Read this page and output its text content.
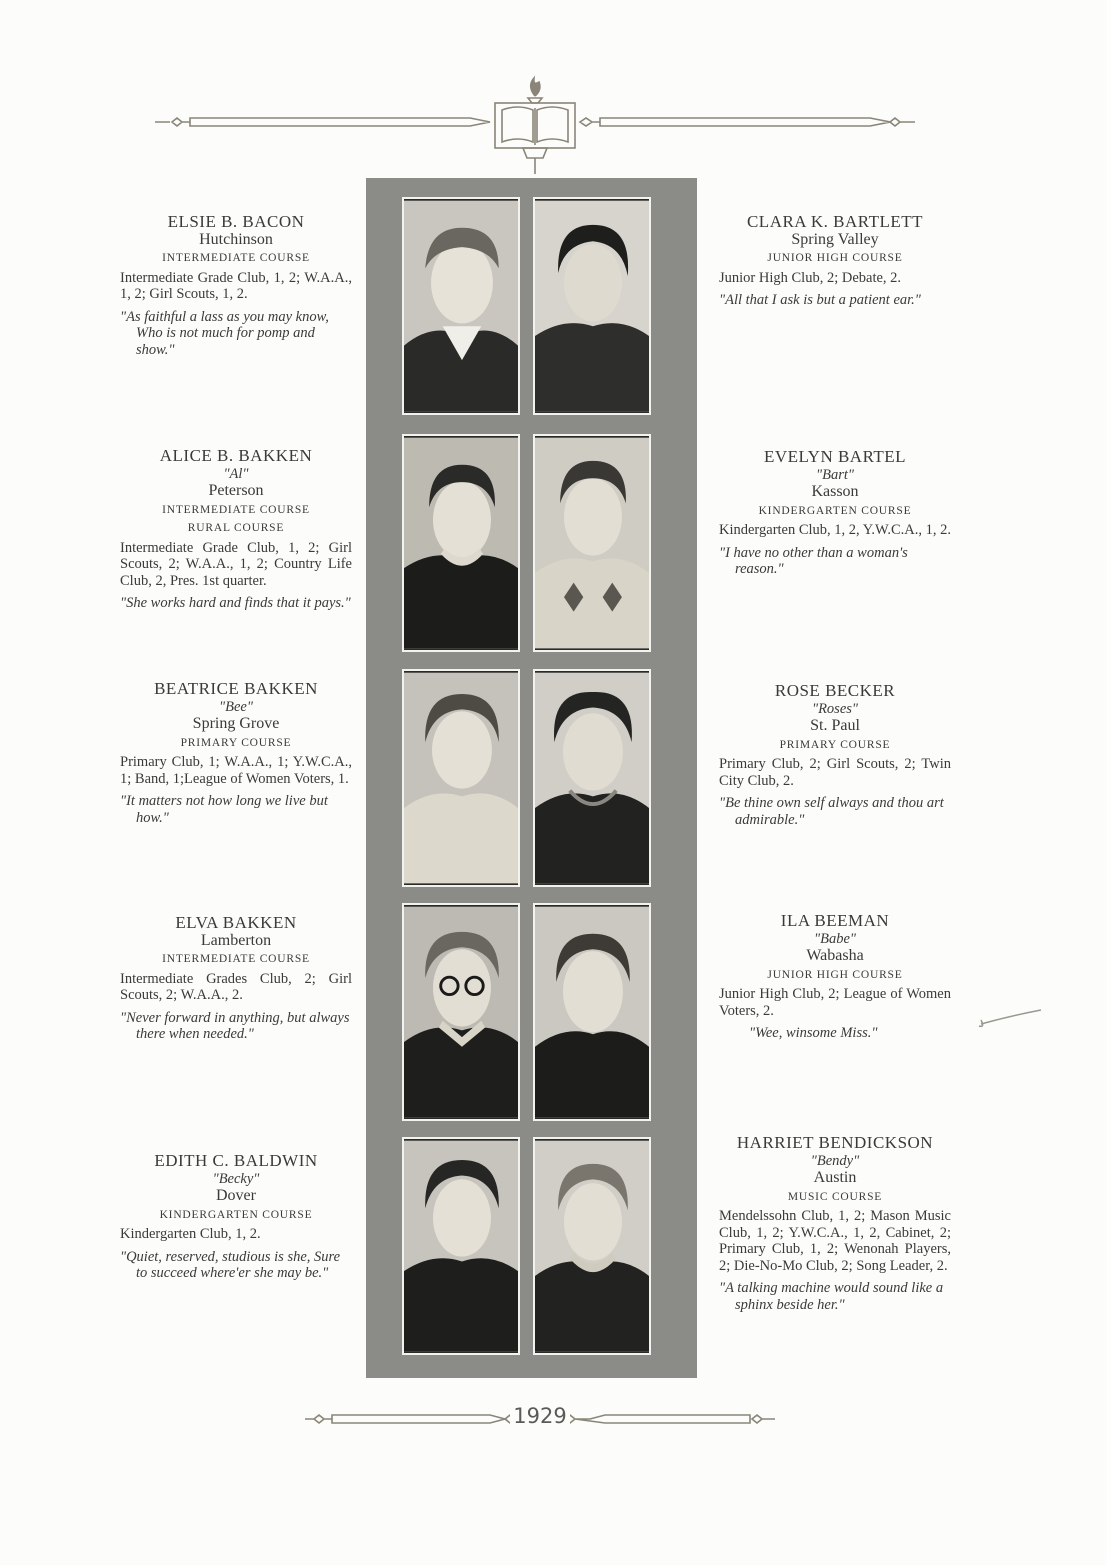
ELSIE B. BACON
Hutchinson
INTERMEDIATE COURSE
Intermediate Grade Club, 1, 2; W.A.A., 1, 2; Girl Scouts, 1, 2.
"As faithful a lass as you may know, Who is not much for pomp and show."
ALICE B. BAKKEN
"Al"
Peterson
INTERMEDIATE COURSE
RURAL COURSE
Intermediate Grade Club, 1, 2; Girl Scouts, 2; W.A.A., 1, 2; Country Life Club, 2, Pres. 1st quarter.
"She works hard and finds that it pays."
BEATRICE BAKKEN
"Bee"
Spring Grove
PRIMARY COURSE
Primary Club, 1; W.A.A., 1; Y.W.C.A., 1; Band, 1;League of Women Voters, 1.
"It matters not how long we live but how."
ELVA BAKKEN
Lamberton
INTERMEDIATE COURSE
Intermediate Grades Club, 2; Girl Scouts, 2; W.A.A., 2.
"Never forward in anything, but always there when needed."
EDITH C. BALDWIN
"Becky"
Dover
KINDERGARTEN COURSE
Kindergarten Club, 1, 2.
"Quiet, reserved, studious is she, Sure to succeed where'er she may be."
CLARA K. BARTLETT
Spring Valley
JUNIOR HIGH COURSE
Junior High Club, 2; Debate, 2.
"All that I ask is but a patient ear."
EVELYN BARTEL
"Bart"
Kasson
KINDERGARTEN COURSE
Kindergarten Club, 1, 2, Y.W.C.A., 1, 2.
"I have no other than a woman's reason."
ROSE BECKER
"Roses"
St. Paul
PRIMARY COURSE
Primary Club, 2; Girl Scouts, 2; Twin City Club, 2.
"Be thine own self always and thou art admirable."
ILA BEEMAN
"Babe"
Wabasha
JUNIOR HIGH COURSE
Junior High Club, 2; League of Women Voters, 2.
"Wee, winsome Miss."
HARRIET BENDICKSON
"Bendy"
Austin
MUSIC COURSE
Mendelssohn Club, 1, 2; Mason Music Club, 1, 2; Y.W.C.A., 1, 2, Cabinet, 2; Primary Club, 1, 2; Wenonah Players, 2; Die-No-Mo Club, 2; Song Leader, 2.
"A talking machine would sound like a sphinx beside her."
1929
